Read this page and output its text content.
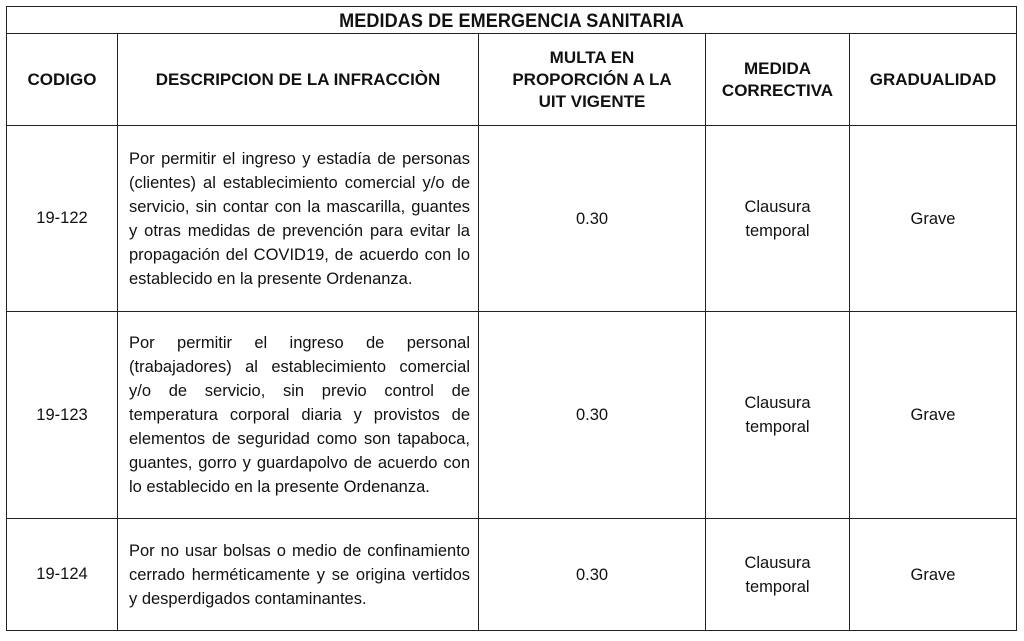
MEDIDAS DE EMERGENCIA SANITARIA				
CODIGO	DESCRIPCION DE LA INFRACCIÒN	MULTA EN PROPORCIÓN A LA UIT VIGENTE	MEDIDA CORRECTIVA	GRADUALIDAD
19-122	Por permitir el ingreso y estadía de personas (clientes) al establecimiento comercial y/o de servicio, sin contar con la mascarilla, guantes y otras medidas de prevención para evitar la propagación del COVID19, de acuerdo con lo establecido en la presente Ordenanza.	0.30	Clausura temporal	Grave
19-123	Por permitir el ingreso de personal (trabajadores) al establecimiento comercial y/o de servicio, sin previo control de temperatura corporal diaria y provistos de elementos de seguridad como son tapaboca, guantes, gorro y guardapolvo de acuerdo con lo establecido en la presente Ordenanza.	0.30	Clausura temporal	Grave
19-124	Por no usar bolsas o medio de confinamiento cerrado herméticamente y se origina vertidos y desperdigados contaminantes.	0.30	Clausura temporal	Grave
